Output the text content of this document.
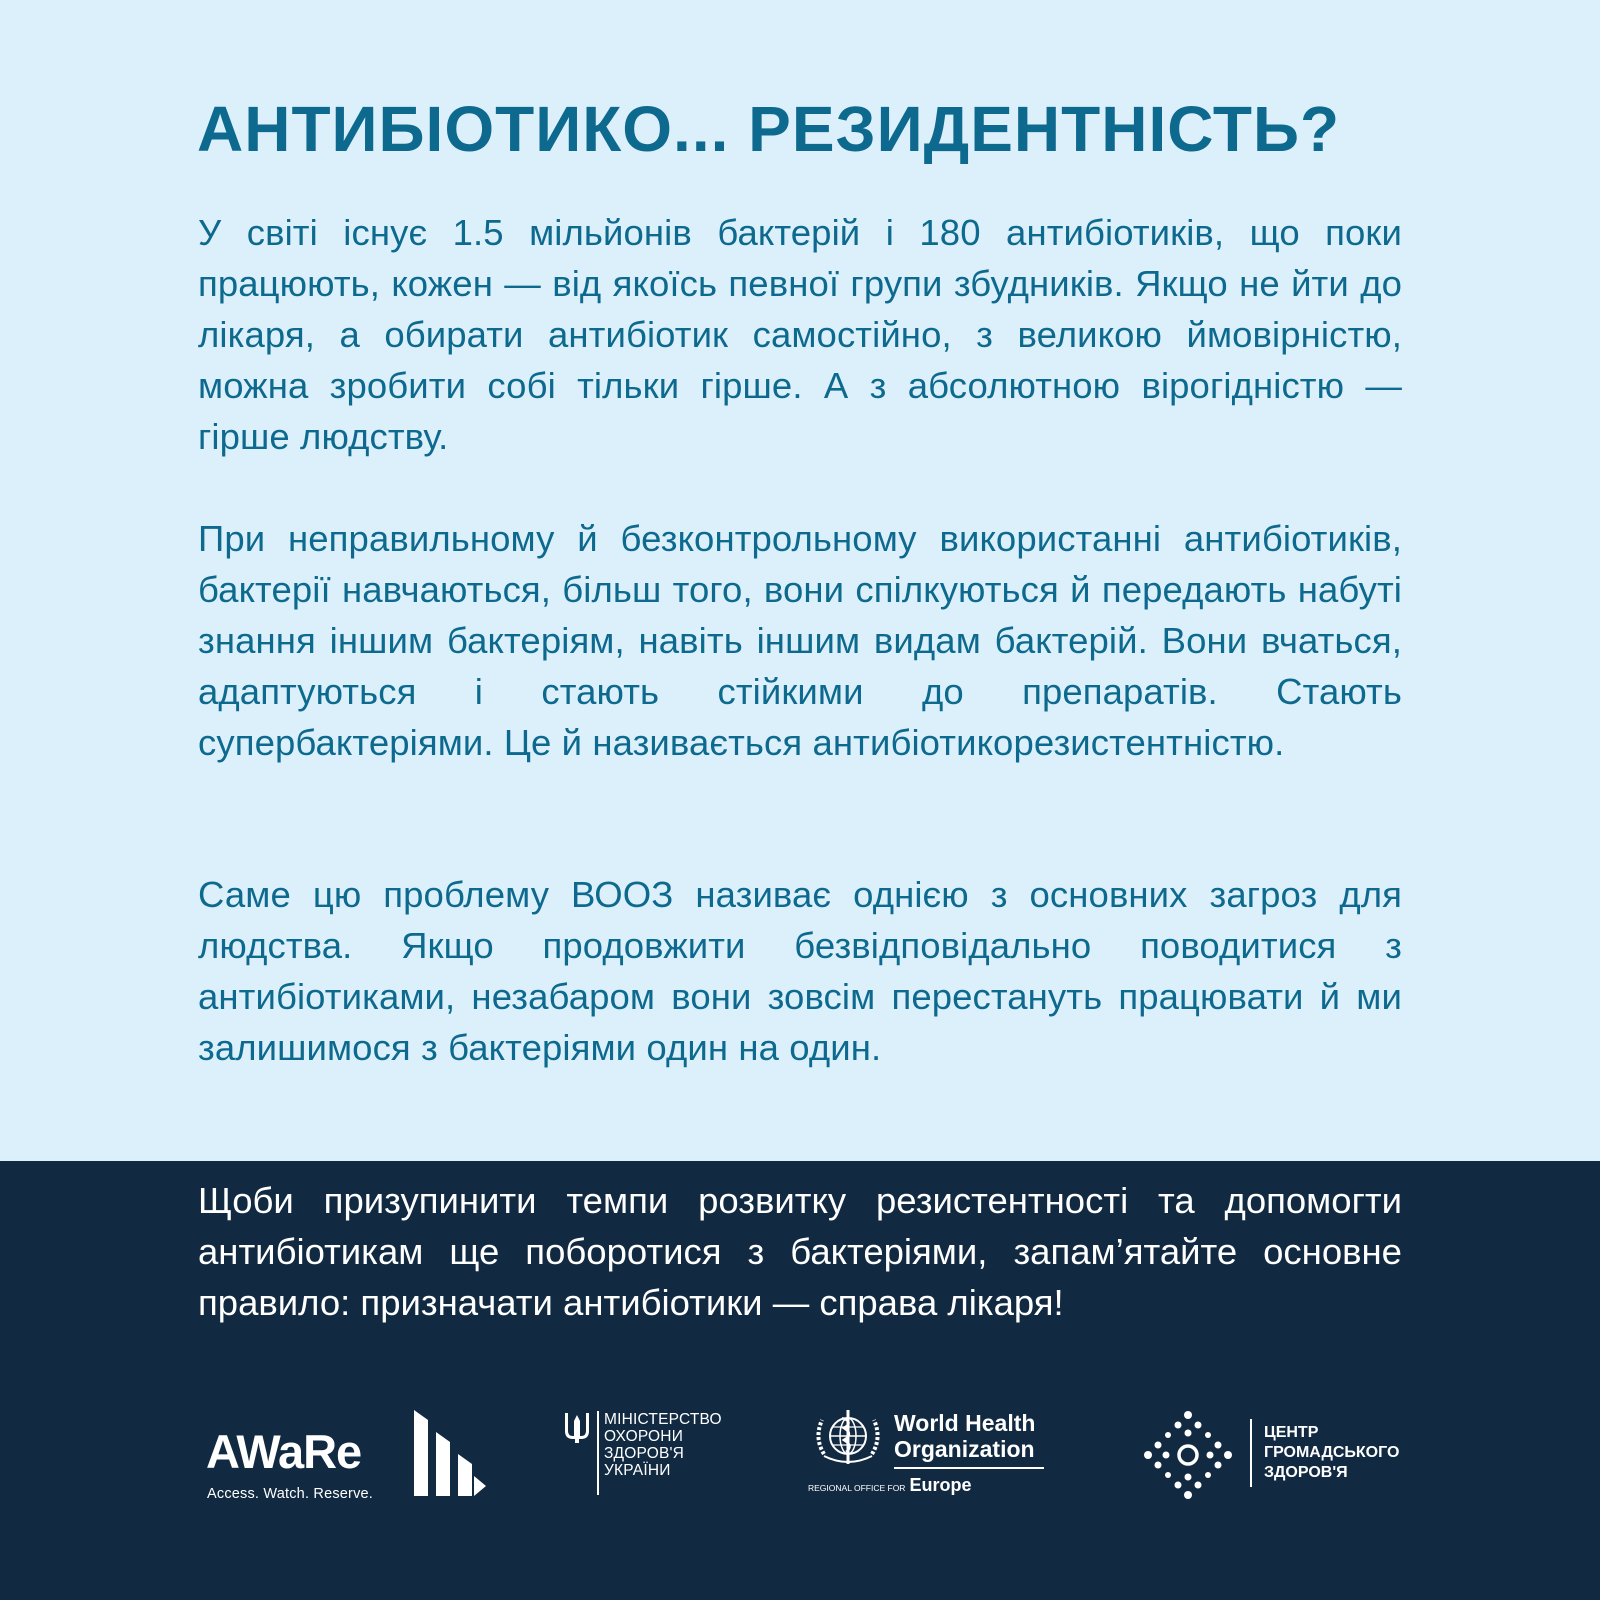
АНТИБІОТИКО... РЕЗИДЕНТНІСТЬ?

У світі існує 1.5 мільйонів бактерій і 180 антибіотиків, що поки працюють, кожен — від якоїсь певної групи збудників. Якщо не йти до лікаря, а обирати антибіотик самостійно, з великою ймовірністю, можна зробити собі тільки гірше. А з абсолютною вірогідністю — гірше людству.

При неправильному й безконтрольному використанні антибіотиків, бактерії навчаються, більш того, вони спілкуються й передають набуті знання іншим бактеріям, навіть іншим видам бактерій. Вони вчаться, адаптуються і стають стійкими до препаратів. Стають супербактеріями. Це й називається антибіотикорезистентністю.

Саме цю проблему ВООЗ називає однією з основних загроз для людства. Якщо продовжити безвідповідально поводитися з антибіотиками, незабаром вони зовсім перестануть працювати й ми залишимося з бактеріями один на один.

Щоби призупинити темпи розвитку резистентності та допомогти антибіотикам ще поборотися з бактеріями, запам’ятайте основне правило: призначати антибіотики — справа лікаря!

AWaRe
Access. Watch. Reserve.
МІНІСТЕРСТВО
ОХОРОНИ
ЗДОРОВ'Я
УКРАЇНИ
World Health
Organization
REGIONAL OFFICE FOR Europe
ЦЕНТР
ГРОМАДСЬКОГО
ЗДОРОВ'Я
